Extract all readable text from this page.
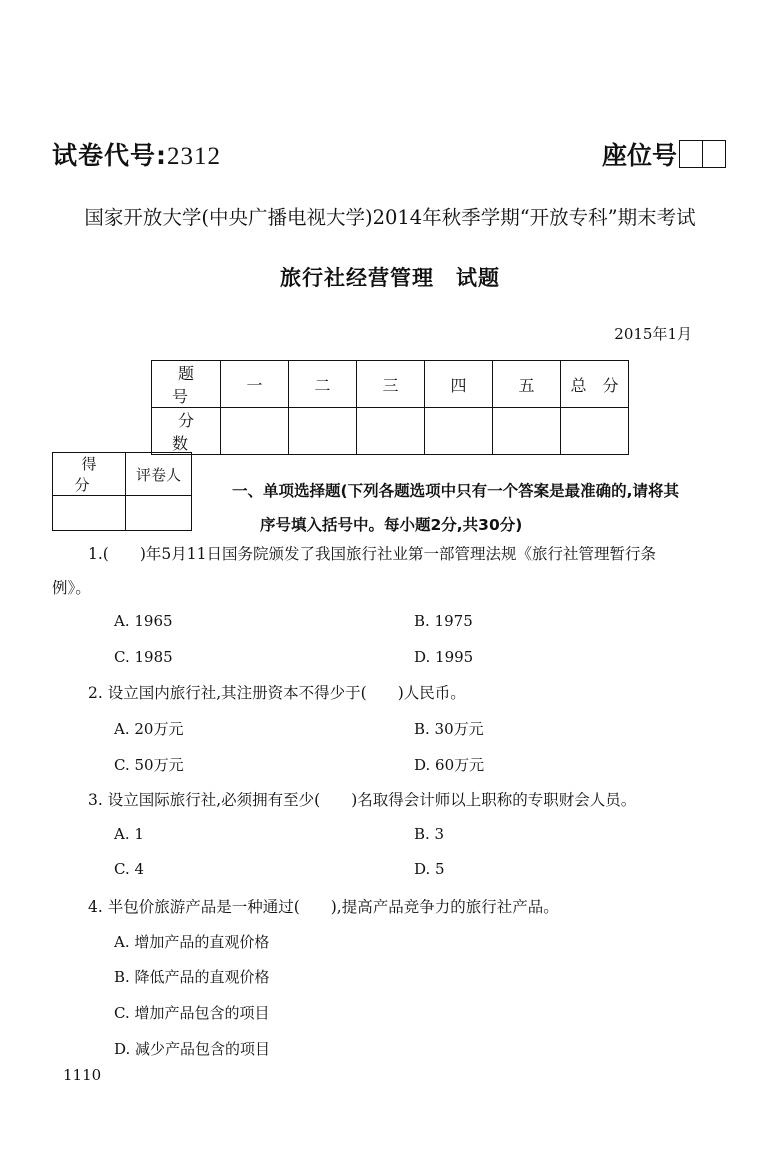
试卷代号:2312	座位号
国家开放大学(中央广播电视大学)2014年秋季学期“开放专科”期末考试
旅行社经营管理　试题
2015年1月
题　号	一	二	三	四	五	总　分
分　数						
得　分	评卷人

一、单项选择题(下列各题选项中只有一个答案是最准确的,请将其
序号填入括号中。每小题2分,共30分)
1.(　　)年5月11日国务院颁发了我国旅行社业第一部管理法规《旅行社管理暂行条
例》。
A. 1965	B. 1975
C. 1985	D. 1995
2. 设立国内旅行社,其注册资本不得少于(　　)人民币。
A. 20万元	B. 30万元
C. 50万元	D. 60万元
3. 设立国际旅行社,必须拥有至少(　　)名取得会计师以上职称的专职财会人员。
A. 1	B. 3
C. 4	D. 5
4. 半包价旅游产品是一种通过(　　),提高产品竞争力的旅行社产品。
A. 增加产品的直观价格
B. 降低产品的直观价格
C. 增加产品包含的项目
D. 减少产品包含的项目
1110
